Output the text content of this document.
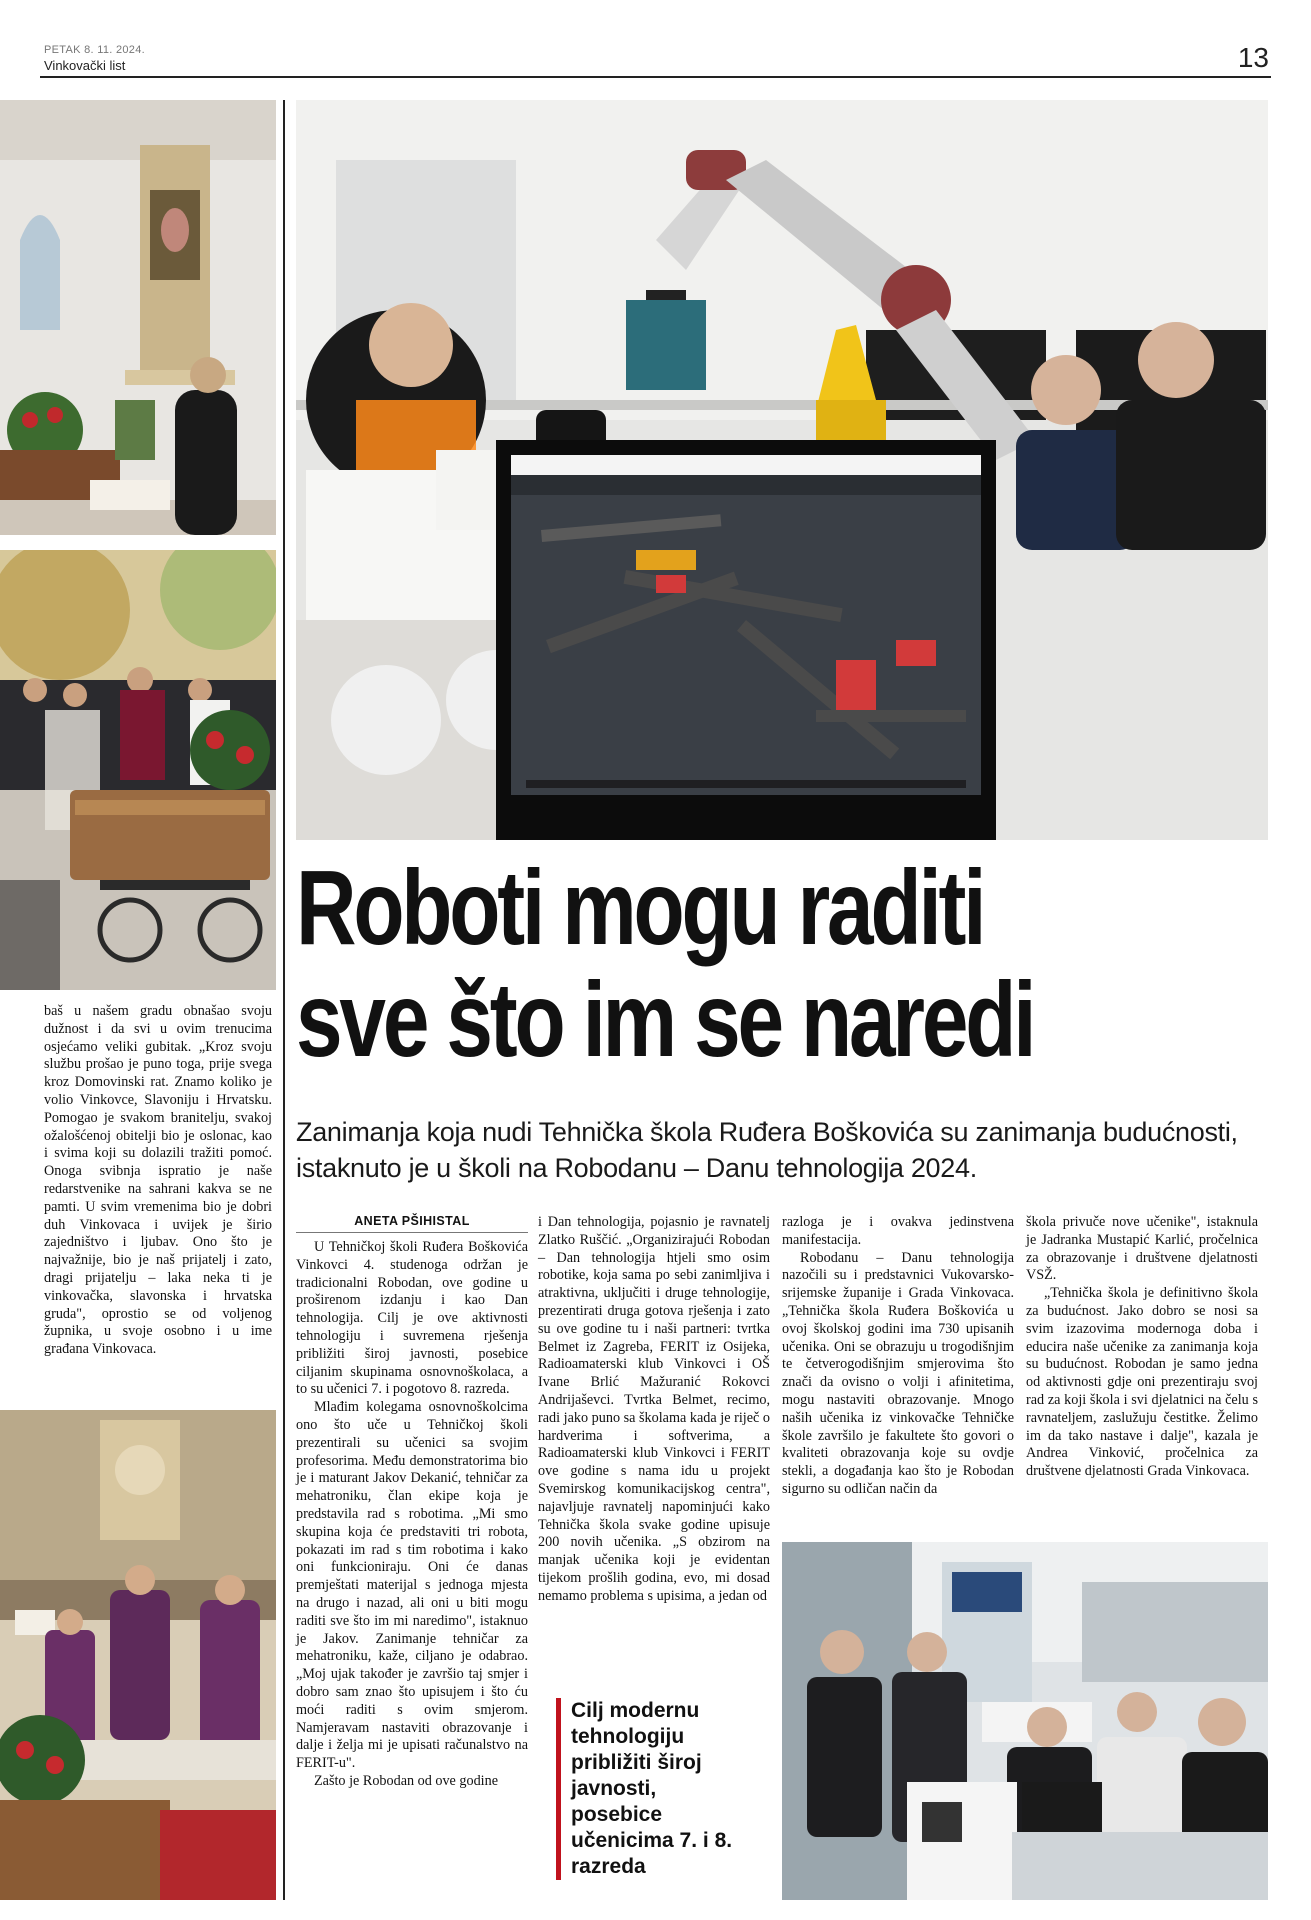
PETAK 8. 11. 2024.
Vinkovački list	13

baš u našem gradu obnašao svoju dužnost i da svi u ovim trenucima osjećamo veliki gubitak. „Kroz svoju službu prošao je puno toga, prije svega kroz Domovinski rat. Znamo koliko je volio Vinkovce, Slavoniju i Hrvatsku. Pomogao je svakom branitelju, svakoj ožalošćenoj obitelji bio je oslonac, kao i svima koji su dolazili tražiti pomoć. Onoga svibnja ispratio je naše redarstvenike na sahrani kakva se ne pamti. U svim vremenima bio je dobri duh Vinkovaca i uvijek je širio zajedništvo i ljubav. Ono što je najvažnije, bio je naš prijatelj i zato, dragi prijatelju – laka neka ti je vinkovačka, slavonska i hrvatska gruda", oprostio se od voljenog župnika, u svoje osobno i u ime građana Vinkovaca.

Roboti mogu raditi
sve što im se naredi
Zanimanja koja nudi Tehnička škola Ruđera Boškovića su zanimanja budućnosti, istaknuto je u školi na Robodanu – Danu tehnologija 2024.

ANETA PŠIHISTAL

U Tehničkoj školi Ruđera Boškovića Vinkovci 4. studenoga održan je tradicionalni Robodan, ove godine u proširenom izdanju i kao Dan tehnologija. Cilj je ove aktivnosti tehnologiju i suvremena rješenja približiti široj javnosti, posebice ciljanim skupinama osnovnoškolaca, a to su učenici 7. i pogotovo 8. razreda.

Mlađim kolegama osnovnoškolcima ono što uče u Tehničkoj školi prezentirali su učenici sa svojim profesorima. Među demonstratorima bio je i maturant Jakov Dekanić, tehničar za mehatroniku, član ekipe koja je predstavila rad s robotima. „Mi smo skupina koja će predstaviti tri robota, pokazati im rad s tim robotima i kako oni funkcioniraju. Oni će danas premještati materijal s jednoga mjesta na drugo i nazad, ali oni u biti mogu raditi sve što im mi naredimo", istaknuo je Jakov. Zanimanje tehničar za mehatroniku, kaže, ciljano je odabrao. „Moj ujak također je završio taj smjer i dobro sam znao što upisujem i što ću moći raditi s ovim smjerom. Namjeravam nastaviti obrazovanje i dalje i želja mi je upisati računalstvo na FERIT-u".

Zašto je Robodan od ove godine

i Dan tehnologija, pojasnio je ravnatelj Zlatko Ruščić. „Organizirajući Robodan – Dan tehnologija htjeli smo osim robotike, koja sama po sebi zanimljiva i atraktivna, uključiti i druge tehnologije, prezentirati druga gotova rješenja i zato su ove godine tu i naši partneri: tvrtka Belmet iz Zagreba, FERIT iz Osijeka, Radioamaterski klub Vinkovci i OŠ Ivane Brlić Mažuranić Rokovci Andrijaševci. Tvrtka Belmet, recimo, radi jako puno sa školama kada je riječ o hardverima i softverima, a Radioamaterski klub Vinkovci i FERIT ove godine s nama idu u projekt Svemirskog komunikacijskog centra", najavljuje ravnatelj napominjući kako Tehnička škola svake godine upisuje 200 novih učenika. „S obzirom na manjak učenika koji je evidentan tijekom prošlih godina, evo, mi dosad nemamo problema s upisima, a jedan od

Cilj modernu tehnologiju približiti široj javnosti, posebice učenicima 7. i 8. razreda

razloga je i ovakva jedinstvena manifestacija.

Robodanu – Danu tehnologija nazočili su i predstavnici Vukovarsko-srijemske županije i Grada Vinkovaca. „Tehnička škola Ruđera Boškovića u ovoj školskoj godini ima 730 upisanih učenika. Oni se obrazuju u trogodišnjim te četverogodišnjim smjerovima što znači da ovisno o volji i afinitetima, mogu nastaviti obrazovanje. Mnogo naših učenika iz vinkovačke Tehničke škole završilo je fakultete što govori o kvaliteti obrazovanja koje su ovdje stekli, a događanja kao što je Robodan sigurno su odličan način da

škola privuče nove učenike", istaknula je Jadranka Mustapić Karlić, pročelnica za obrazovanje i društvene djelatnosti VSŽ.

„Tehnička škola je definitivno škola za budućnost. Jako dobro se nosi sa svim izazovima modernoga doba i educira naše učenike za zanimanja koja su budućnost. Robodan je samo jedna od aktivnosti gdje oni prezentiraju svoj rad za koji škola i svi djelatnici na čelu s ravnateljem, zaslužuju čestitke. Želimo im da tako nastave i dalje", kazala je Andrea Vinković, pročelnica za društvene djelatnosti Grada Vinkovaca.
